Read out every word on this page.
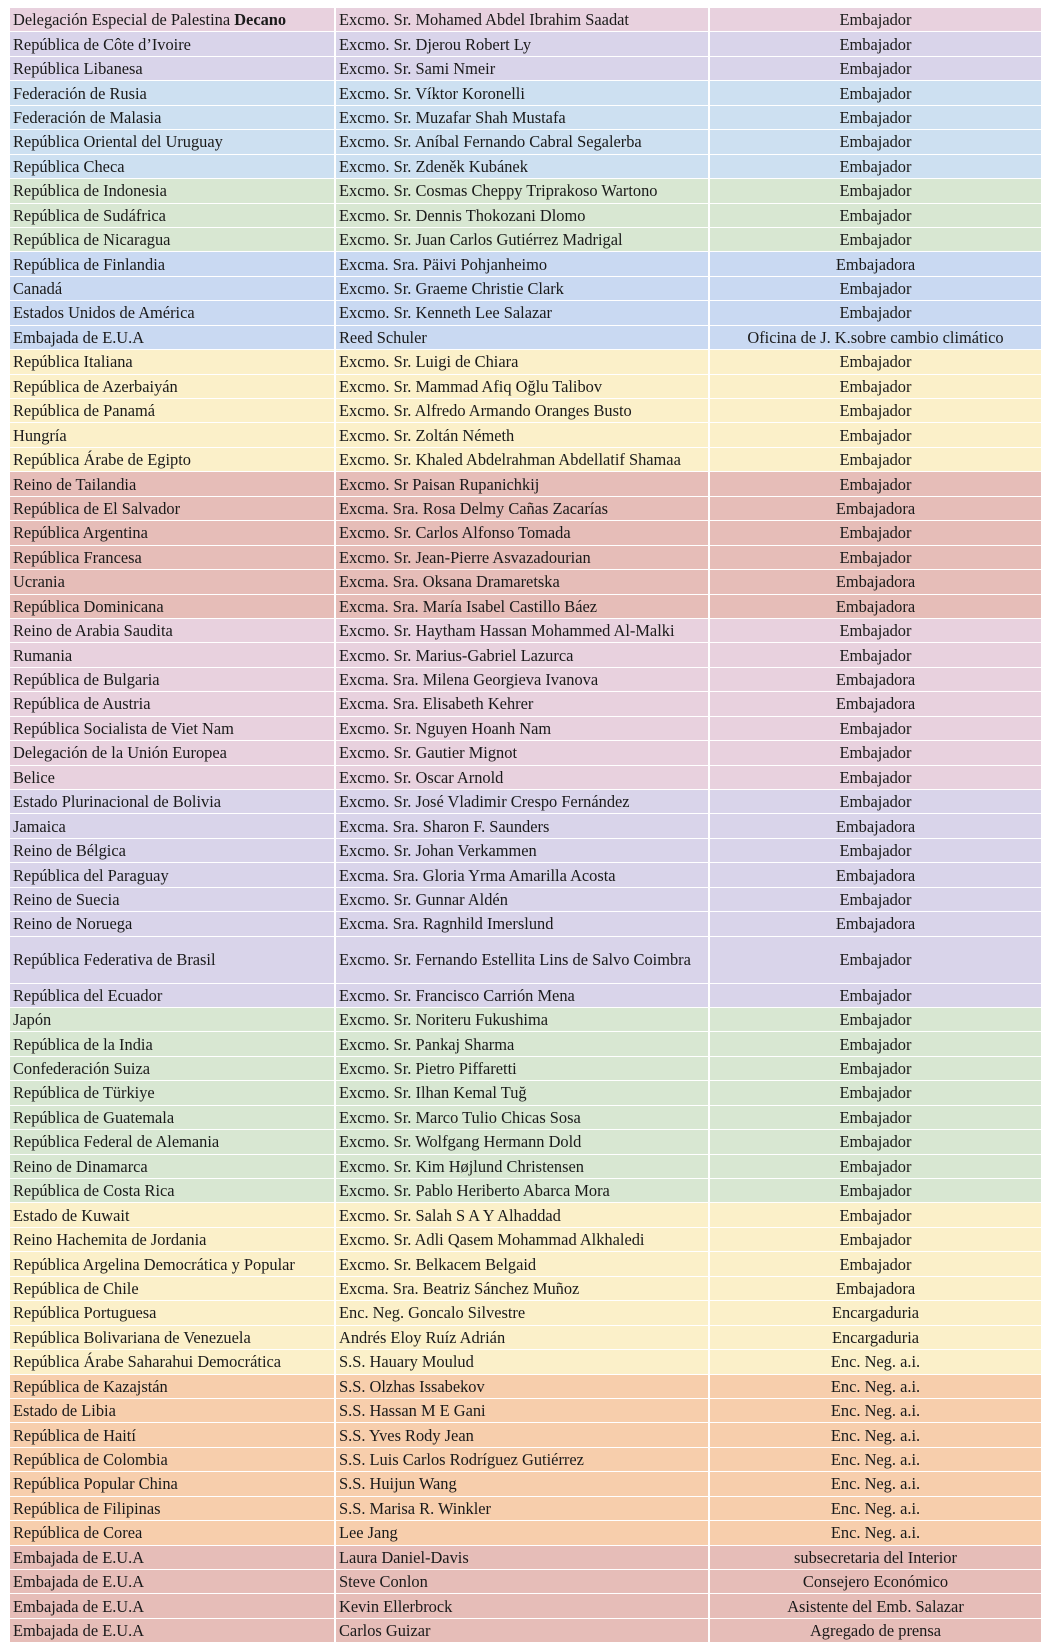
Delegación Especial de Palestina Decano	Excmo. Sr. Mohamed Abdel Ibrahim Saadat	Embajador
República de Côte d’Ivoire	Excmo. Sr. Djerou Robert Ly	Embajador
República Libanesa	Excmo. Sr. Sami Nmeir	Embajador
Federación de Rusia	Excmo. Sr. Víktor Koronelli	Embajador
Federación de Malasia	Excmo. Sr. Muzafar Shah Mustafa	Embajador
República Oriental del Uruguay	Excmo. Sr. Aníbal Fernando Cabral Segalerba	Embajador
República Checa	Excmo. Sr. Zdeněk Kubánek	Embajador
República de Indonesia	Excmo. Sr. Cosmas Cheppy Triprakoso Wartono	Embajador
República de Sudáfrica	Excmo. Sr. Dennis Thokozani Dlomo	Embajador
República de Nicaragua	Excmo. Sr. Juan Carlos Gutiérrez Madrigal	Embajador
República de Finlandia	Excma. Sra. Päivi Pohjanheimo	Embajadora
Canadá	Excmo. Sr. Graeme Christie Clark	Embajador
Estados Unidos de América	Excmo. Sr. Kenneth Lee Salazar	Embajador
Embajada de E.U.A	Reed Schuler	Oficina de J. K.sobre cambio climático
República Italiana	Excmo. Sr. Luigi de Chiara	Embajador
República de Azerbaiyán	Excmo. Sr. Mammad Afiq Oğlu Talibov	Embajador
República de Panamá	Excmo. Sr. Alfredo Armando Oranges Busto	Embajador
Hungría	Excmo. Sr. Zoltán Németh	Embajador
República Árabe de Egipto	Excmo. Sr. Khaled Abdelrahman Abdellatif Shamaa	Embajador
Reino de Tailandia	Excmo. Sr Paisan Rupanichkij	Embajador
República de El Salvador	Excma. Sra. Rosa Delmy Cañas Zacarías	Embajadora
República Argentina	Excmo. Sr. Carlos Alfonso Tomada	Embajador
República Francesa	Excmo. Sr. Jean-Pierre Asvazadourian	Embajador
Ucrania	Excma. Sra. Oksana Dramaretska	Embajadora
República Dominicana	Excma. Sra. María Isabel Castillo Báez	Embajadora
Reino de Arabia Saudita	Excmo. Sr. Haytham Hassan Mohammed Al-Malki	Embajador
Rumania	Excmo. Sr. Marius-Gabriel Lazurca	Embajador
República de Bulgaria	Excma. Sra. Milena Georgieva Ivanova	Embajadora
República de Austria	Excma. Sra. Elisabeth Kehrer	Embajadora
República Socialista de Viet Nam	Excmo. Sr. Nguyen Hoanh Nam	Embajador
Delegación de la Unión Europea	Excmo. Sr. Gautier Mignot	Embajador
Belice	Excmo. Sr. Oscar Arnold	Embajador
Estado Plurinacional de Bolivia	Excmo. Sr. José Vladimir Crespo Fernández	Embajador
Jamaica	Excma. Sra. Sharon F. Saunders	Embajadora
Reino de Bélgica	Excmo. Sr. Johan Verkammen	Embajador
República del Paraguay	Excma. Sra. Gloria Yrma Amarilla Acosta	Embajadora
Reino de Suecia	Excmo. Sr. Gunnar Aldén	Embajador
Reino de Noruega	Excma. Sra. Ragnhild Imerslund	Embajadora
República Federativa de Brasil	Excmo. Sr. Fernando Estellita Lins de Salvo Coimbra	Embajador
República del Ecuador	Excmo. Sr. Francisco Carrión Mena	Embajador
Japón	Excmo. Sr. Noriteru Fukushima	Embajador
República de la India	Excmo. Sr. Pankaj Sharma	Embajador
Confederación Suiza	Excmo. Sr. Pietro Piffaretti	Embajador
República de Türkiye	Excmo. Sr. Ilhan Kemal Tuğ	Embajador
República de Guatemala	Excmo. Sr. Marco Tulio Chicas Sosa	Embajador
República Federal de Alemania	Excmo. Sr. Wolfgang Hermann Dold	Embajador
Reino de Dinamarca	Excmo. Sr. Kim Højlund Christensen	Embajador
República de Costa Rica	Excmo. Sr. Pablo Heriberto Abarca Mora	Embajador
Estado de Kuwait	Excmo. Sr. Salah S A Y Alhaddad	Embajador
Reino Hachemita de Jordania	Excmo. Sr. Adli Qasem Mohammad Alkhaledi	Embajador
República Argelina Democrática y Popular	Excmo. Sr. Belkacem Belgaid	Embajador
República de Chile	Excma. Sra. Beatriz Sánchez Muñoz	Embajadora
República Portuguesa	Enc. Neg. Goncalo Silvestre	Encargaduria
República Bolivariana de Venezuela	Andrés Eloy Ruíz Adrián	Encargaduria
República Árabe Saharahui Democrática	S.S. Hauary Moulud	Enc. Neg. a.i.
República de Kazajstán	S.S. Olzhas Issabekov	Enc. Neg. a.i.
Estado de Libia	S.S. Hassan M E Gani	Enc. Neg. a.i.
República de Haití	S.S. Yves Rody Jean	Enc. Neg. a.i.
República de Colombia	S.S. Luis Carlos Rodríguez Gutiérrez	Enc. Neg. a.i.
República Popular China	S.S. Huijun Wang	Enc. Neg. a.i.
República de Filipinas	S.S. Marisa R. Winkler	Enc. Neg. a.i.
República de Corea	Lee Jang	Enc. Neg. a.i.
Embajada de E.U.A	Laura Daniel-Davis	subsecretaria del Interior
Embajada de E.U.A	Steve Conlon	Consejero Económico
Embajada de E.U.A	Kevin Ellerbrock	Asistente del Emb. Salazar
Embajada de E.U.A	Carlos Guizar	Agregado de prensa
